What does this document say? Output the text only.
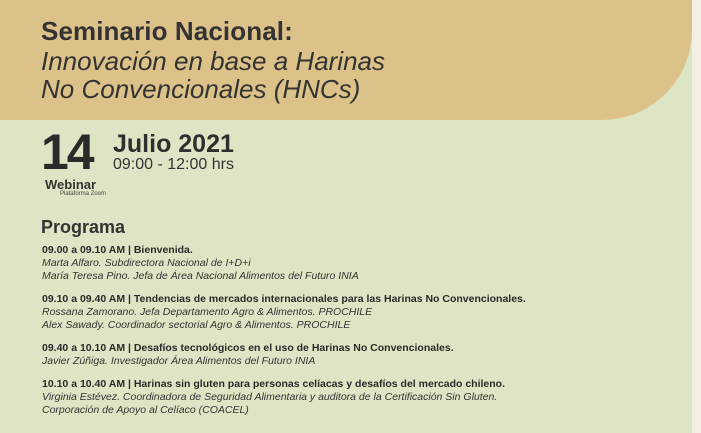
Seminario Nacional:
Innovación en base a Harinas
No Convencionales (HNCs)
14 Julio 2021
09:00 - 12:00 hrs
Webinar
Plataforma Zoom
Programa
09.00 a 09.10 AM | Bienvenida.
Marta Alfaro. Subdirectora Nacional de I+D+i
María Teresa Pino. Jefa de Área Nacional Alimentos del Futuro INIA
09.10 a 09.40 AM | Tendencias de mercados internacionales para las Harinas No Convencionales.
Rossana Zamorano. Jefa Departamento Agro & Alimentos. PROCHILE
Alex Sawady. Coordinador sectorial Agro & Alimentos. PROCHILE
09.40 a 10.10 AM | Desafíos tecnológicos en el uso de Harinas No Convencionales.
Javier Zúñiga. Investigador Área Alimentos del Futuro INIA
10.10 a 10.40 AM | Harinas sin gluten para personas celíacas y desafíos del mercado chileno.
Virginia Estévez. Coordinadora de Seguridad Alimentaria y auditora de la Certificación Sin Gluten.
Corporación de Apoyo al Celíaco (COACEL)
